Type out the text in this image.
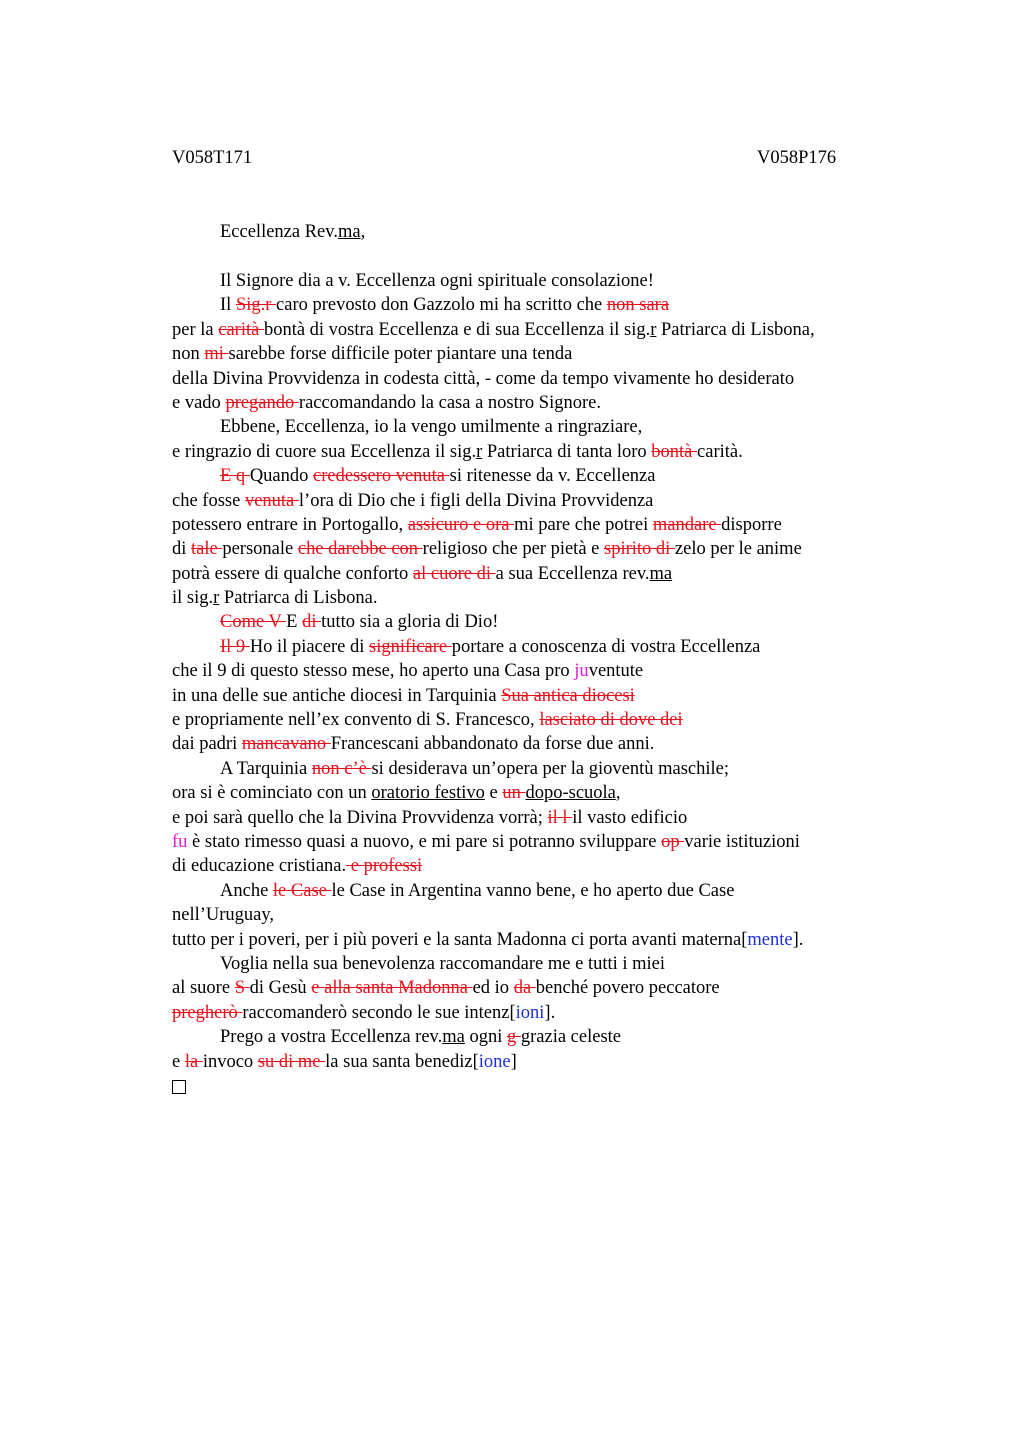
V058T171	V058P176
Eccellenza Rev.ma,
Il Signore dia a v. Eccellenza ogni spirituale consolazione!
Il Sig.r caro prevosto don Gazzolo mi ha scritto che non sara
per la carità bontà di vostra Eccellenza e di sua Eccellenza il sig.r Patriarca di Lisbona,
non mi sarebbe forse difficile poter piantare una tenda
della Divina Provvidenza in codesta città, - come da tempo vivamente ho desiderato
e vado pregando raccomandando la casa a nostro Signore.
Ebbene, Eccellenza, io la vengo umilmente a ringraziare,
e ringrazio di cuore sua Eccellenza il sig.r Patriarca di tanta loro bontà carità.
E q Quando credessero venuta si ritenesse da v. Eccellenza
che fosse venuta l’ora di Dio che i figli della Divina Provvidenza
potessero entrare in Portogallo, assicuro e ora mi pare che potrei mandare disporre
di tale personale che darebbe con religioso che per pietà e spirito di zelo per le anime
potrà essere di qualche conforto al cuore di a sua Eccellenza rev.ma
il sig.r Patriarca di Lisbona.
Come V E di tutto sia a gloria di Dio!
Il 9 Ho il piacere di significare portare a conoscenza di vostra Eccellenza
che il 9 di questo stesso mese, ho aperto una Casa pro juventute
in una delle sue antiche diocesi in Tarquinia Sua antica diocesi
e propriamente nell’ex convento di S. Francesco, lasciato di dove dei
dai padri mancavano Francescani abbandonato da forse due anni.
A Tarquinia non c’è si desiderava un’opera per la gioventù maschile;
ora si è cominciato con un oratorio festivo e un dopo-scuola,
e poi sarà quello che la Divina Provvidenza vorrà; il l il vasto edificio
fu è stato rimesso quasi a nuovo, e mi pare si potranno sviluppare op varie istituzioni
di educazione cristiana. e professi
Anche le Case le Case in Argentina vanno bene, e ho aperto due Case
nell’Uruguay,
tutto per i poveri, per i più poveri e la santa Madonna ci porta avanti materna[mente].
Voglia nella sua benevolenza raccomandare me e tutti i miei
al suore S di Gesù e alla santa Madonna ed io da benché povero peccatore
pregherò raccomanderò secondo le sue intenz[ioni].
Prego a vostra Eccellenza rev.ma ogni g grazia celeste
e la invoco su di me la sua santa benediz[ione]
